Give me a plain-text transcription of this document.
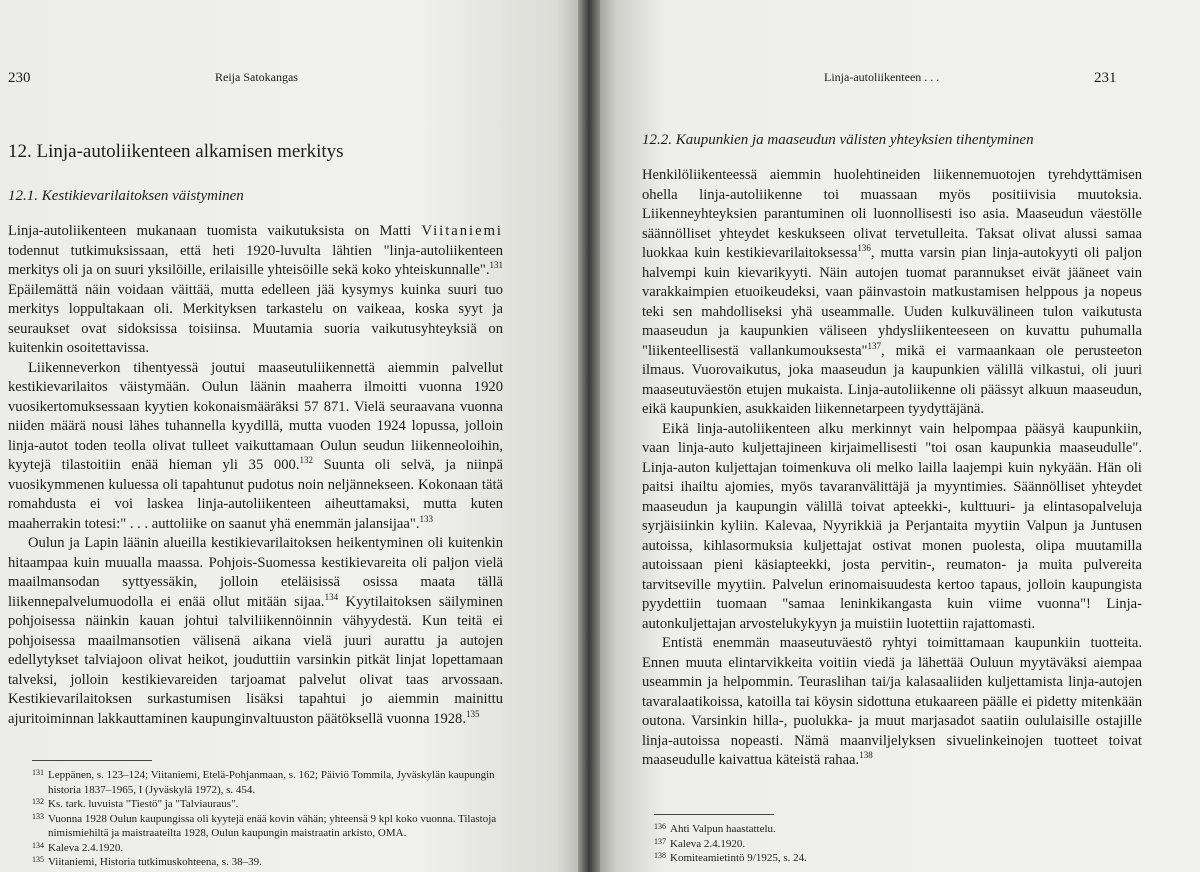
230	Reija Satokangas
12. Linja-autoliikenteen alkamisen merkitys
12.1. Kestikievarilaitoksen väistyminen

Linja-autoliikenteen mukanaan tuomista vaikutuksista on Matti Viitaniemi todennut tutkimuksissaan, että heti 1920-luvulta lähtien "linja-autoliikenteen merkitys oli ja on suuri yksilöille, erilaisille yhteisöille sekä koko yhteiskunnalle".$^{131}$ Epäilemättä näin voidaan väittää, mutta edelleen jää kysymys kuinka suuri tuo merkitys loppultakaan oli. Merkityksen tarkastelu on vaikeaa, koska syyt ja seuraukset ovat sidoksissa toisiinsa. Muutamia suoria vaikutusyhteyksiä on kuitenkin osoitettavissa.

Liikenneverkon tihentyessä joutui maaseutuliikennettä aiemmin palvellut kestikievarilaitos väistymään. Oulun läänin maaherra ilmoitti vuonna 1920 vuosikertomuksessaan kyytien kokonaismääräksi 57 871. Vielä seuraavana vuonna niiden määrä nousi lähes tuhannella kyydillä, mutta vuoden 1924 lopussa, jolloin linja-autot toden teolla olivat tulleet vaikuttamaan Oulun seudun liikenneoloihin, kyytejä tilastoitiin enää hieman yli 35 000.$^{132}$ Suunta oli selvä, ja niinpä vuosikymmenen kuluessa oli tapahtunut pudotus noin neljännekseen. Kokonaan tätä romahdusta ei voi laskea linja-autoliikenteen aiheuttamaksi, mutta kuten maaherrakin totesi:" . . . auttoliike on saanut yhä enemmän jalansijaa".$^{133}$

Oulun ja Lapin läänin alueilla kestikievarilaitoksen heikentyminen oli kuitenkin hitaampaa kuin muualla maassa. Pohjois-Suomessa kestikievareita oli paljon vielä maailmansodan syttyessäkin, jolloin eteläisissä osissa maata tällä liikennepalvelumuodolla ei enää ollut mitään sijaa.$^{134}$ Kyytilaitoksen säilyminen pohjoisessa näinkin kauan johtui talviliikennöinnin vähyydestä. Kun teitä ei pohjoisessa maailmansotien välisenä aikana vielä juuri aurattu ja autojen edellytykset talviajoon olivat heikot, jouduttiin varsinkin pitkät linjat lopettamaan talveksi, jolloin kestikievareiden tarjoamat palvelut olivat taas arvossaan. Kestikievarilaitoksen surkastumisen lisäksi tapahtui jo aiemmin mainittu ajuritoiminnan lakkauttaminen kaupunginvaltuuston päätöksellä vuonna 1928.$^{135}$

131 Leppänen, s. 123–124; Viitaniemi, Etelä-Pohjanmaan, s. 162; Päiviö Tommila, Jyväskylän kaupungin historia 1837–1965, I (Jyväskylä 1972), s. 454.
132 Ks. tark. luvuista "Tiestö" ja "Talviauraus".
133 Vuonna 1928 Oulun kaupungissa oli kyytejä enää kovin vähän; yhteensä 9 kpl koko vuonna. Tilastoja nimismiehiltä ja maistraateilta 1928, Oulun kaupungin maistraatin arkisto, OMA.
134 Kaleva 2.4.1920.
135 Viitaniemi, Historia tutkimuskohteena, s. 38–39.
Linja-autoliikenteen . . .	231
12.2. Kaupunkien ja maaseudun välisten yhteyksien tihentyminen

Henkilöliikenteessä aiemmin huolehtineiden liikennemuotojen tyrehdyttämisen ohella linja-autoliikenne toi muassaan myös positiivisia muutoksia. Liikenneyhteyksien parantuminen oli luonnollisesti iso asia. Maaseudun väestölle säännölliset yhteydet keskukseen olivat tervetulleita. Taksat olivat alussi samaa luokkaa kuin kestikievarilaitoksessa$^{136}$, mutta varsin pian linja-autokyyti oli paljon halvempi kuin kievarikyyti. Näin autojen tuomat parannukset eivät jääneet vain varakkaimpien etuoikeudeksi, vaan päinvastoin matkustamisen helppous ja nopeus teki sen mahdolliseksi yhä useammalle. Uuden kulkuvälineen tulon vaikutusta maaseudun ja kaupunkien väliseen yhdysliikenteeseen on kuvattu puhumalla "liikenteellisestä vallankumouksesta"$^{137}$, mikä ei varmaankaan ole perusteeton ilmaus. Vuorovaikutus, joka maaseudun ja kaupunkien välillä vilkastui, oli juuri maaseutuväestön etujen mukaista. Linja-autoliikenne oli päässyt alkuun maaseudun, eikä kaupunkien, asukkaiden liikennetarpeen tyydyttäjänä.

Eikä linja-autoliikenteen alku merkinnyt vain helpompaa pääsyä kaupunkiin, vaan linja-auto kuljettajineen kirjaimellisesti "toi osan kaupunkia maaseudulle". Linja-auton kuljettajan toimenkuva oli melko lailla laajempi kuin nykyään. Hän oli paitsi ihailtu ajomies, myös tavaranvälittäjä ja myyntimies. Säännölliset yhteydet maaseudun ja kaupungin välillä toivat apteekki-, kulttuuri- ja elintasopalveluja syrjäisiinkin kyliin. Kalevaa, Nyyrikkiä ja Perjantaita myytiin Valpun ja Juntusen autoissa, kihlasormuksia kuljettajat ostivat monen puolesta, olipa muutamilla autoissaan pieni käsiapteekki, josta pervitin-, reumaton- ja muita pulvereita tarvitseville myytiin. Palvelun erinomaisuudesta kertoo tapaus, jolloin kaupungista pyydettiin tuomaan "samaa leninkikangasta kuin viime vuonna"! Linja-autonkuljettajan arvostelukykyyn ja muistiin luotettiin rajattomasti.

Entistä enemmän maaseutuväestö ryhtyi toimittamaan kaupunkiin tuotteita. Ennen muuta elintarvikkeita voitiin viedä ja lähettää Ouluun myytäväksi aiempaa useammin ja helpommin. Teuraslihan tai/ja kalasaaliiden kuljettamista linja-autojen tavaralaatikoissa, katoilla tai köysin sidottuna etukaareen päälle ei pidetty mitenkään outona. Varsinkin hilla-, puolukka- ja muut marjasadot saatiin oululaisille ostajille linja-autoissa nopeasti. Nämä maanviljelyksen sivuelinkeinojen tuotteet toivat maaseudulle kaivattua käteistä rahaa.$^{138}$

136 Ahti Valpun haastattelu.
137 Kaleva 2.4.1920.
138 Komiteamietintö 9/1925, s. 24.
